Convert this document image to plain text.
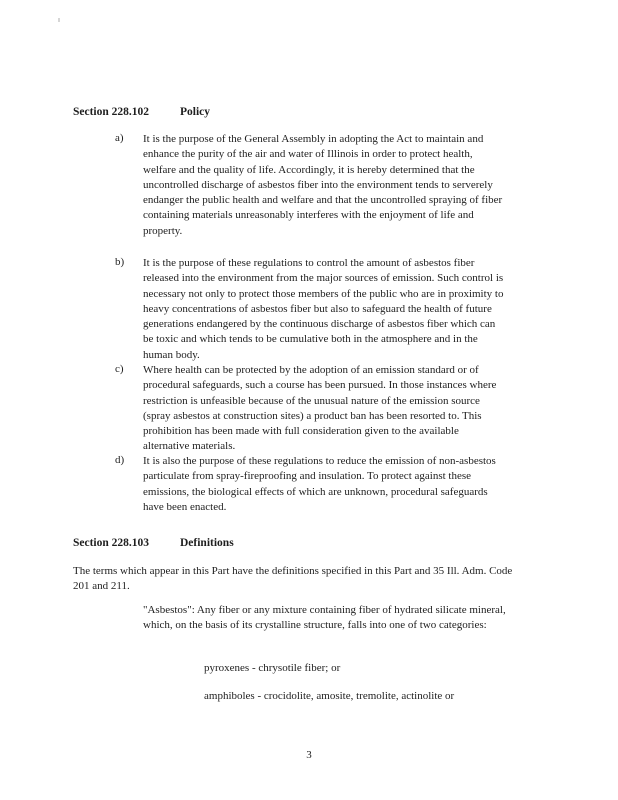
Section 228.102	Policy
a) It is the purpose of the General Assembly in adopting the Act to maintain and enhance the purity of the air and water of Illinois in order to protect health, welfare and the quality of life. Accordingly, it is hereby determined that the uncontrolled discharge of asbestos fiber into the environment tends to serverely endanger the public health and welfare and that the uncontrolled spraying of fiber containing materials unreasonably interferes with the enjoyment of life and property.
b) It is the purpose of these regulations to control the amount of asbestos fiber released into the environment from the major sources of emission. Such control is necessary not only to protect those members of the public who are in proximity to heavy concentrations of asbestos fiber but also to safeguard the health of future generations endangered by the continuous discharge of asbestos fiber which can be toxic and which tends to be cumulative both in the atmosphere and in the human body.
c) Where health can be protected by the adoption of an emission standard or of procedural safeguards, such a course has been pursued. In those instances where restriction is unfeasible because of the unusual nature of the emission source (spray asbestos at construction sites) a product ban has been resorted to. This prohibition has been made with full consideration given to the available alternative materials.
d) It is also the purpose of these regulations to reduce the emission of non-asbestos particulate from spray-fireproofing and insulation. To protect against these emissions, the biological effects of which are unknown, procedural safeguards have been enacted.
Section 228.103	Definitions
The terms which appear in this Part have the definitions specified in this Part and 35 Ill. Adm. Code 201 and 211.
"Asbestos": Any fiber or any mixture containing fiber of hydrated silicate mineral, which, on the basis of its crystalline structure, falls into one of two categories:
pyroxenes - chrysotile fiber; or
amphiboles - crocidolite, amosite, tremolite, actinolite or
3
